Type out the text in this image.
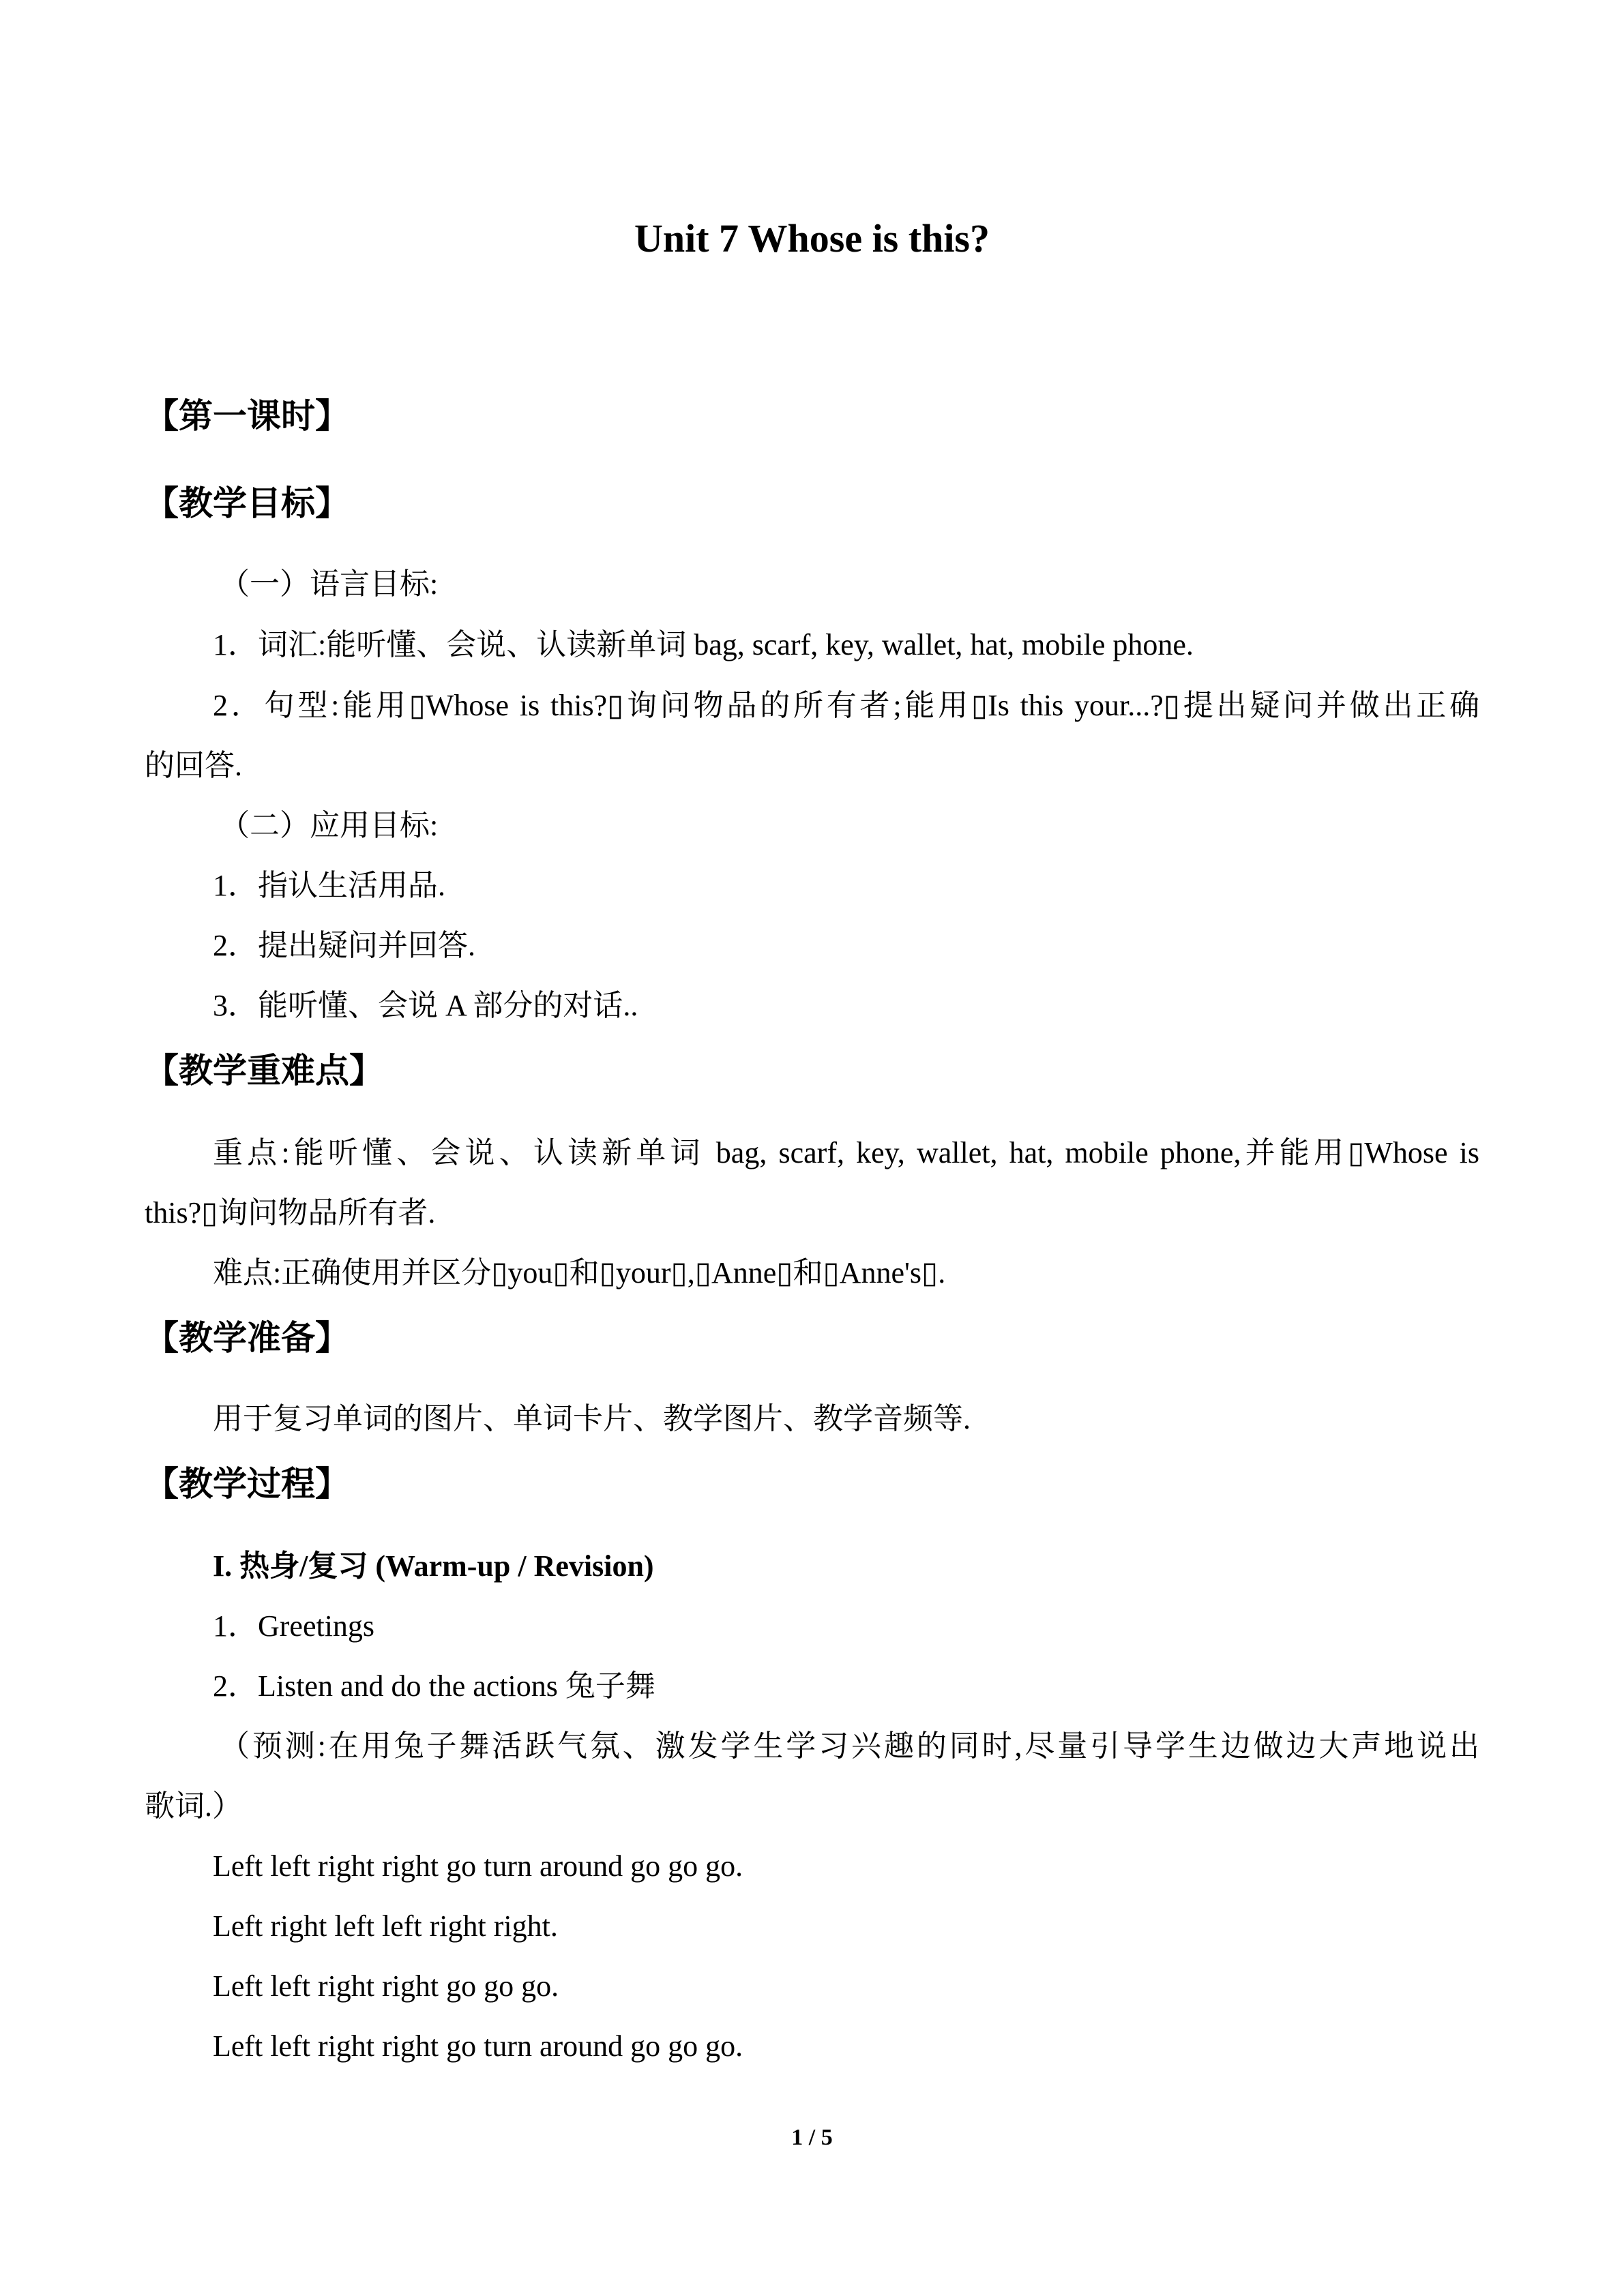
Unit 7 Whose is this?
【第一课时】
【教学目标】
（一）语言目标:
1．词汇:能听懂、会说、认读新单词 bag, scarf, key, wallet, hat, mobile phone.
2．句型:能用▯Whose is this?▯询问物品的所有者;能用▯Is this your...?▯提出疑问并做出正确
的回答.
（二）应用目标:
1．指认生活用品.
2．提出疑问并回答.
3．能听懂、会说 A 部分的对话..
【教学重难点】
重点:能听懂、会说、认读新单词 bag, scarf, key, wallet, hat, mobile phone,并能用▯Whose is
this?▯询问物品所有者.
难点:正确使用并区分▯you▯和▯your▯,▯Anne▯和▯Anne's▯.
【教学准备】
用于复习单词的图片、单词卡片、教学图片、教学音频等.
【教学过程】
I. 热身/复习 (Warm-up / Revision)
1．Greetings
2．Listen and do the actions 兔子舞
（预测:在用兔子舞活跃气氛、激发学生学习兴趣的同时,尽量引导学生边做边大声地说出
歌词.）
Left left right right go turn around go go go.
Left right left left right right.
Left left right right go go go.
Left left right right go turn around go go go.
1 / 5
